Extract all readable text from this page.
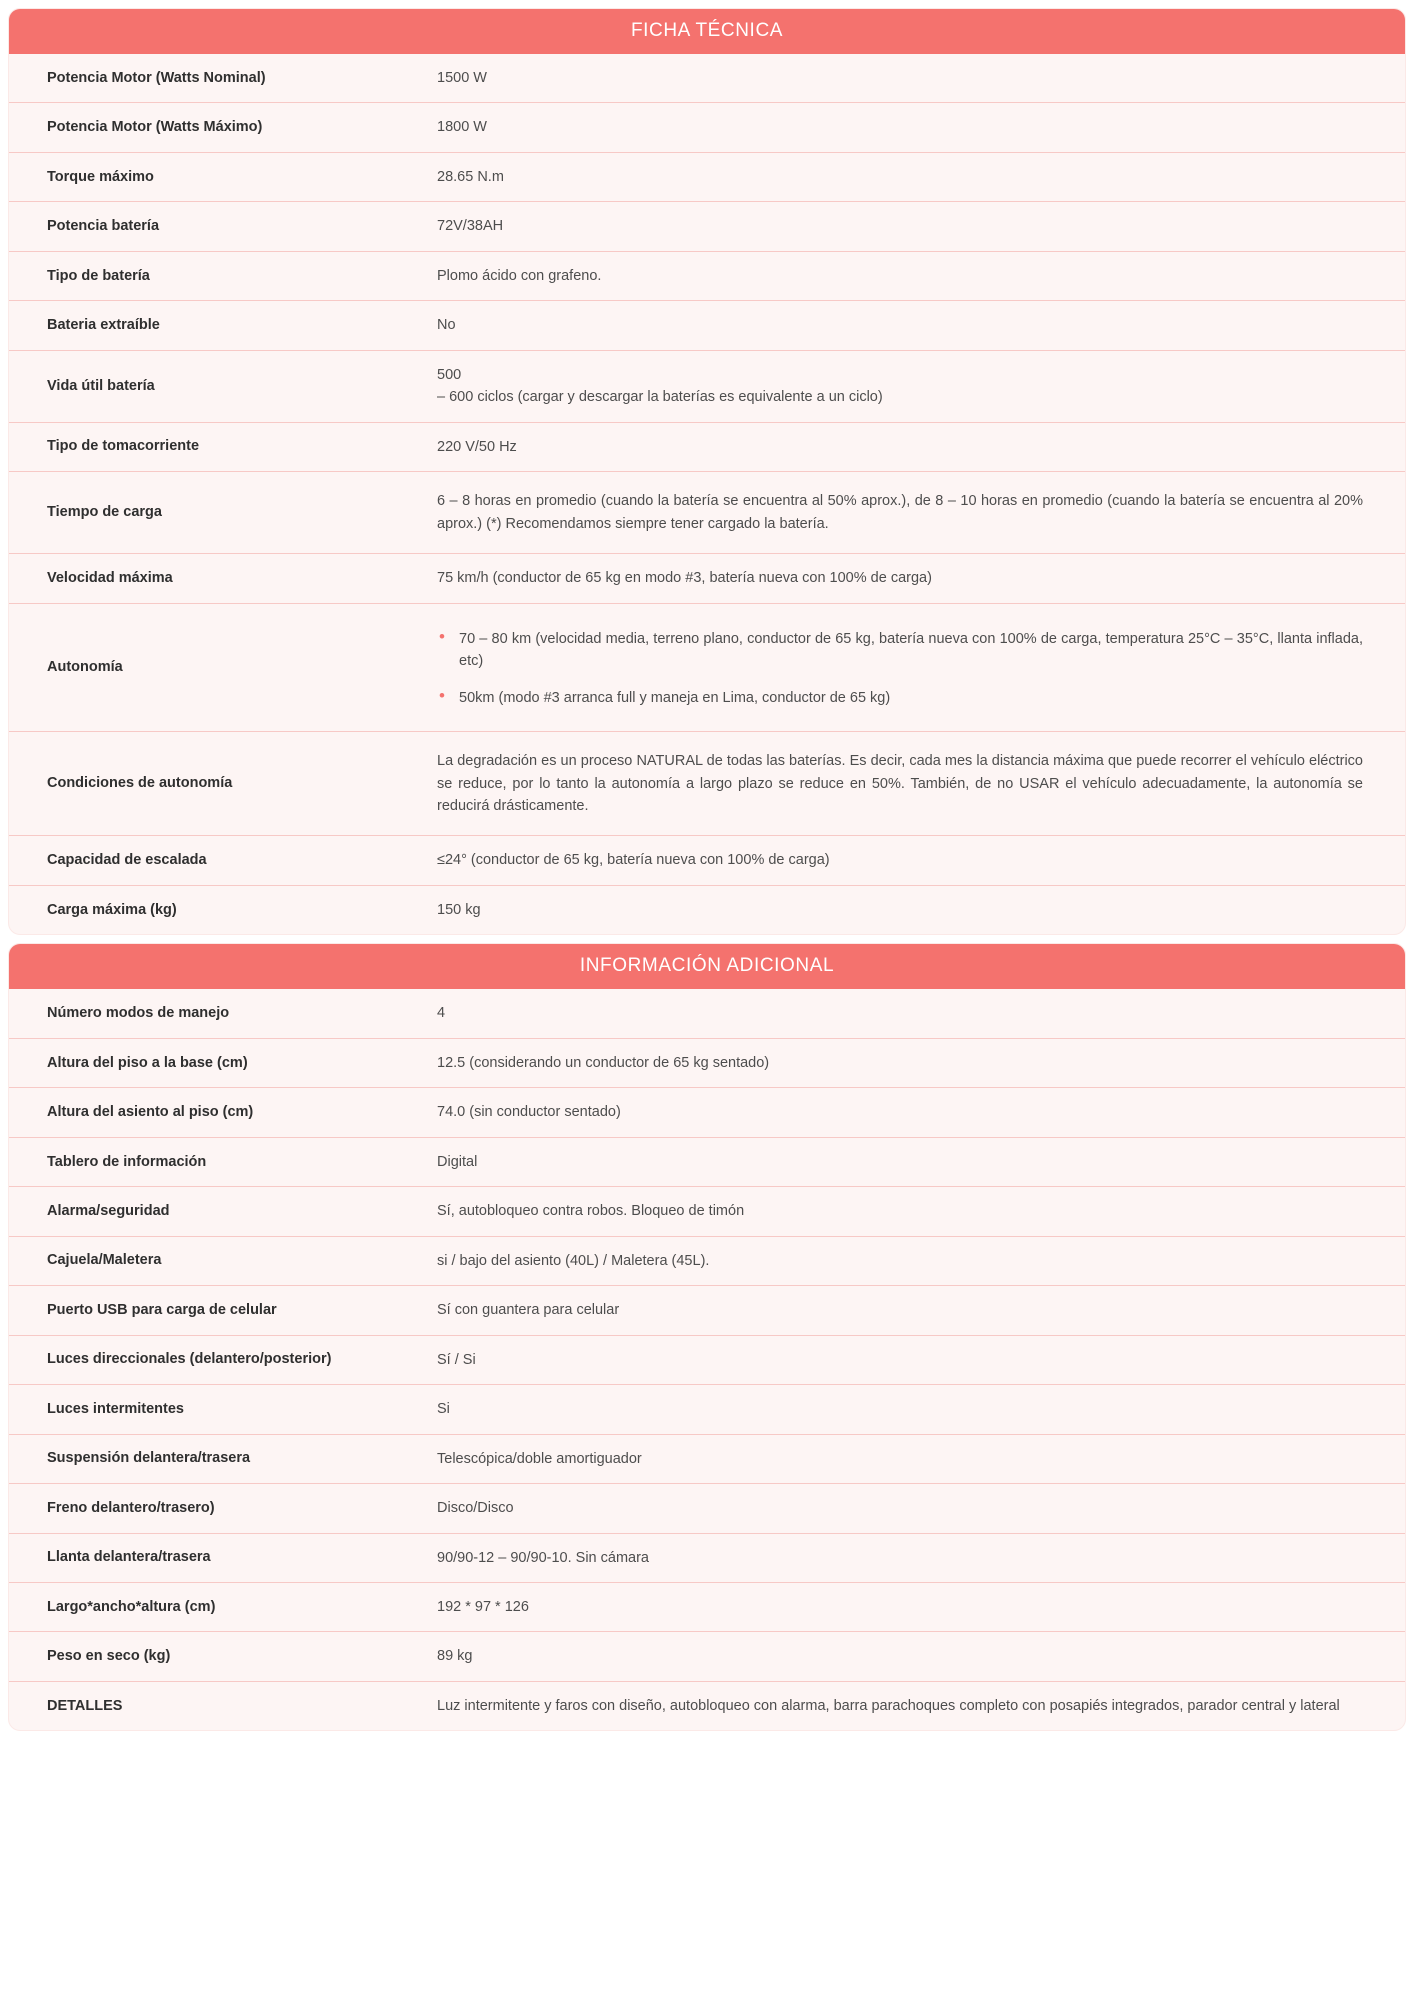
FICHA TÉCNICA
Potencia Motor (Watts Nominal)	1500 W
Potencia Motor (Watts Máximo)	1800 W
Torque máximo	28.65 N.m
Potencia batería	72V/38AH
Tipo de batería	Plomo ácido con grafeno.
Bateria extraíble	No
Vida útil batería	500
– 600 ciclos (cargar y descargar la baterías es equivalente a un ciclo)

Tipo de tomacorriente	220 V/50 Hz
Tiempo de carga	6 – 8 horas en promedio (cuando la batería se encuentra al 50% aprox.), de 8 – 10 horas en promedio (cuando la batería se encuentra al 20% aprox.) (*) Recomendamos siempre tener cargado la batería.
Velocidad máxima	75 km/h (conductor de 65 kg en modo #3, batería nueva con 100% de carga)
Autonomía	
• 70 – 80 km (velocidad media, terreno plano, conductor de 65 kg, batería nueva con 100% de carga, temperatura 25°C – 35°C, llanta inflada, etc)
• 50km (modo #3 arranca full y maneja en Lima, conductor de 65 kg)

Condiciones de autonomía	La degradación es un proceso NATURAL de todas las baterías. Es decir, cada mes la distancia máxima que puede recorrer el vehículo eléctrico se reduce, por lo tanto la autonomía a largo plazo se reduce en 50%. También, de no USAR el vehículo adecuadamente, la autonomía se reducirá drásticamente.
Capacidad de escalada	≤24° (conductor de 65 kg, batería nueva con 100% de carga)
Carga máxima (kg)	150 kg
INFORMACIÓN ADICIONAL
Número modos de manejo	4
Altura del piso a la base (cm)	12.5 (considerando un conductor de 65 kg sentado)
Altura del asiento al piso (cm)	74.0 (sin conductor sentado)
Tablero de información	Digital
Alarma/seguridad	Sí, autobloqueo contra robos. Bloqueo de timón
Cajuela/Maletera	si / bajo del asiento (40L) / Maletera (45L).
Puerto USB para carga de celular	Sí con guantera para celular
Luces direccionales (delantero/posterior)	Sí / Si
Luces intermitentes	Si
Suspensión delantera/trasera	Telescópica/doble amortiguador
Freno delantero/trasero)	Disco/Disco
Llanta delantera/trasera	90/90-12 – 90/90-10. Sin cámara
Largo*ancho*altura (cm)	192 * 97 * 126
Peso en seco (kg)	89 kg
DETALLES	Luz intermitente y faros con diseño, autobloqueo con alarma, barra parachoques completo con posapiés integrados, parador central y lateral
